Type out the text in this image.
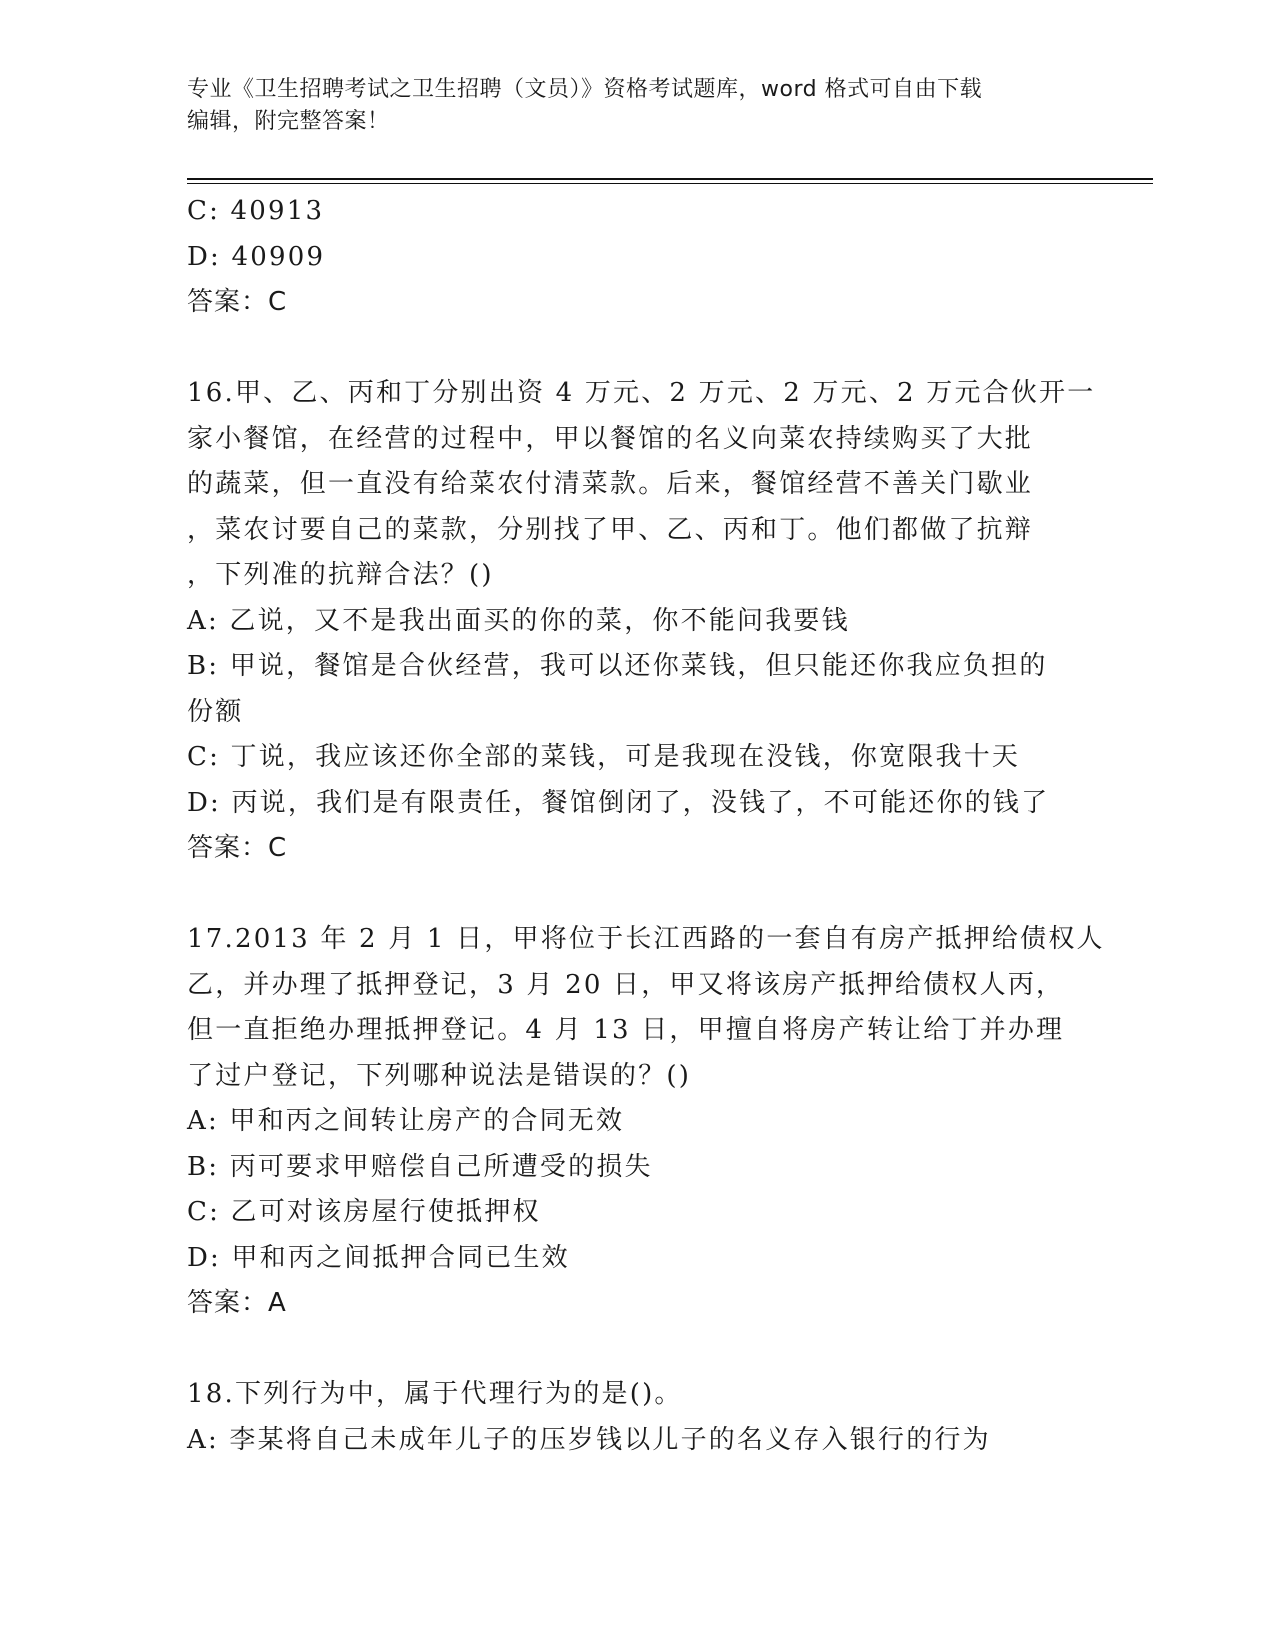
专业《卫生招聘考试之卫生招聘（文员）》资格考试题库，word 格式可自由下载
编辑，附完整答案！
C: 40913
D: 40909
答案：C
16.甲、乙、丙和丁分别出资 4 万元、2 万元、2 万元、2 万元合伙开一
家小餐馆，在经营的过程中，甲以餐馆的名义向菜农持续购买了大批
的蔬菜，但一直没有给菜农付清菜款。后来，餐馆经营不善关门歇业
，菜农讨要自己的菜款，分别找了甲、乙、丙和丁。他们都做了抗辩
，下列准的抗辩合法？()
A: 乙说，又不是我出面买的你的菜，你不能问我要钱
B: 甲说，餐馆是合伙经营，我可以还你菜钱，但只能还你我应负担的
份额
C: 丁说，我应该还你全部的菜钱，可是我现在没钱，你宽限我十天
D: 丙说，我们是有限责任，餐馆倒闭了，没钱了，不可能还你的钱了
答案：C
17.2013 年 2 月 1 日，甲将位于长江西路的一套自有房产抵押给债权人
乙，并办理了抵押登记，3 月 20 日，甲又将该房产抵押给债权人丙，
但一直拒绝办理抵押登记。4 月 13 日，甲擅自将房产转让给丁并办理
了过户登记，下列哪种说法是错误的？()
A: 甲和丙之间转让房产的合同无效
B: 丙可要求甲赔偿自己所遭受的损失
C: 乙可对该房屋行使抵押权
D: 甲和丙之间抵押合同已生效
答案：A
18.下列行为中，属于代理行为的是()。
A: 李某将自己未成年儿子的压岁钱以儿子的名义存入银行的行为
